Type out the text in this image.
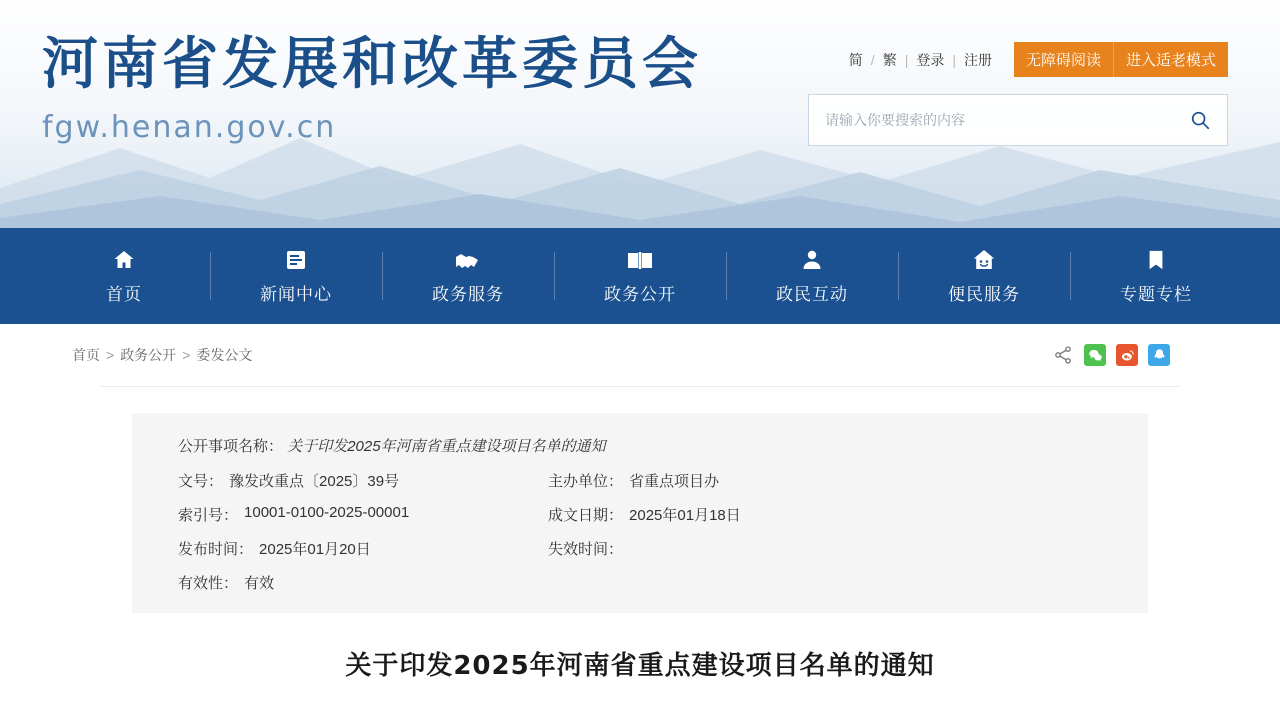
河南省发展和改革委员会
fgw.henan.gov.cn
简 / 繁 | 登录 | 注册	无障碍阅读	进入适老模式
请输入你要搜索的内容
首页	新闻中心	政务服务	政务公开	政民互动	便民服务	专题专栏
首页 > 政务公开 > 委发公文
公开事项名称： 关于印发2025年河南省重点建设项目名单的通知
文号： 豫发改重点〔2025〕39号	主办单位： 省重点项目办
索引号： 10001-0100-2025-00001	成文日期： 2025年01月18日
发布时间： 2025年01月20日	失效时间：
有效性： 有效
关于印发2025年河南省重点建设项目名单的通知
